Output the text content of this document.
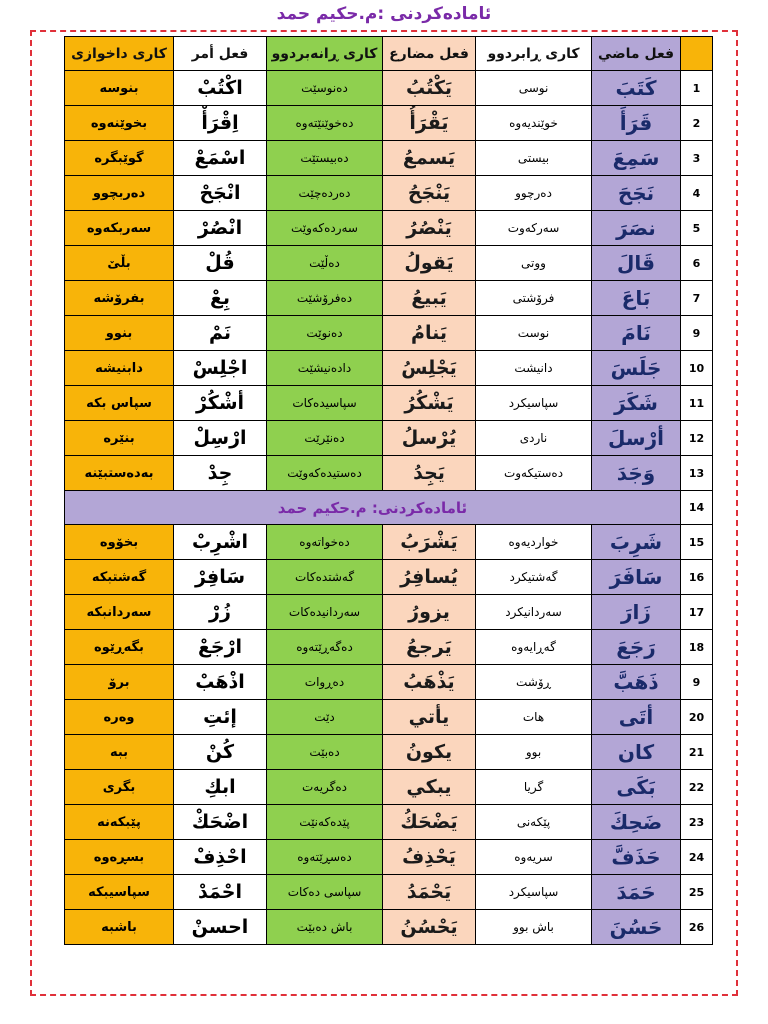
ئامادەکردنی :م.حكیم حمد
کاری داخوازی	فعل أمر	کاری ڕانەبردوو	فعل مضارع	کاری ڕابردوو	فعل ماضي	
بنوسە	اكْتُبْ	دەنوسێت	يَكْتُبُ	نوسی	كَتَبَ	1
بخوێنەوە	اِقْرَأْ	دەخوێنێتەوە	يَقْرَأُ	خوێندیەوە	قَرَأَ	2
گوێبگرە	اسْمَعْ	دەبیستێت	يَسمعُ	بیستی	سَمِعَ	3
دەربچوو	انْجَحْ	دەردەچێت	يَنْجَحُ	دەرچوو	نَجَحَ	4
سەربکەوە	انْصُرْ	سەردەکەوێت	يَنْصُرُ	سەرکەوت	نصَرَ	5
بڵێ	قُلْ	دەڵێت	يَقولُ	ووتی	قَالَ	6
بفرۆشە	بِعْ	دەفرۆشێت	يَبيعُ	فرۆشتی	بَاعَ	7
بنوو	نَمْ	دەنوێت	يَنامُ	نوست	نَامَ	9
دابنیشە	اجْلِسْ	دادەنیشێت	يَجْلِسُ	دانیشت	جَلَسَ	10
سپاس بکە	أشْكُرْ	سپاسیدەکات	يَشْكُرُ	سپاسیکرد	شَكَرَ	11
بنێرە	ارْسِلْ	دەنێرێت	يُرْسلُ	ناردی	أرْسلَ	12
بەدەستبێنە	جِدْ	دەستیدەکەوێت	يَجِدُ	دەستیکەوت	وَجَدَ	13
ئامادەکردنی: م.حكیم حمد						14
بخۆوە	اشْرِبْ	دەخواتەوە	يَشْرَبُ	خواردیەوە	شَرِبَ	15
گەشتبکە	سَافِرْ	گەشتدەکات	يُسافِرُ	گەشتیکرد	سَافَرَ	16
سەردانبکە	زُرْ	سەردانیدەکات	يزورُ	سەردانیکرد	زَارَ	17
بگەڕێوە	ارْجَعْ	دەگەڕێتەوە	يَرجعُ	گەڕایەوە	رَجَعَ	18
برۆ	اذْهَبْ	دەڕوات	يَذْهَبُ	ڕۆشت	ذَهَبَّ	9
وەرە	إئتِ	دێت	يأتي	هات	أتَى	20
ببە	كُنْ	دەبێت	يكونُ	بوو	كان	21
بگری	ابكِ	دەگریەت	يبكي	گریا	بَكَى	22
پێبکەنە	اضْحَكْ	پێدەکەنێت	يَضْحَكُ	پێکەنی	ضَحِكَ	23
بسڕەوە	احْذِفْ	دەسڕێتەوە	يَحْذِفُ	سریەوە	حَذَفَّ	24
سپاسیبکە	احْمَدْ	سپاسی دەکات	يَحْمَدُ	سپاسیکرد	حَمَدَ	25
باشبە	احسنْ	باش دەبێت	يَحْسُنُ	باش بوو	حَسُنَ	26
